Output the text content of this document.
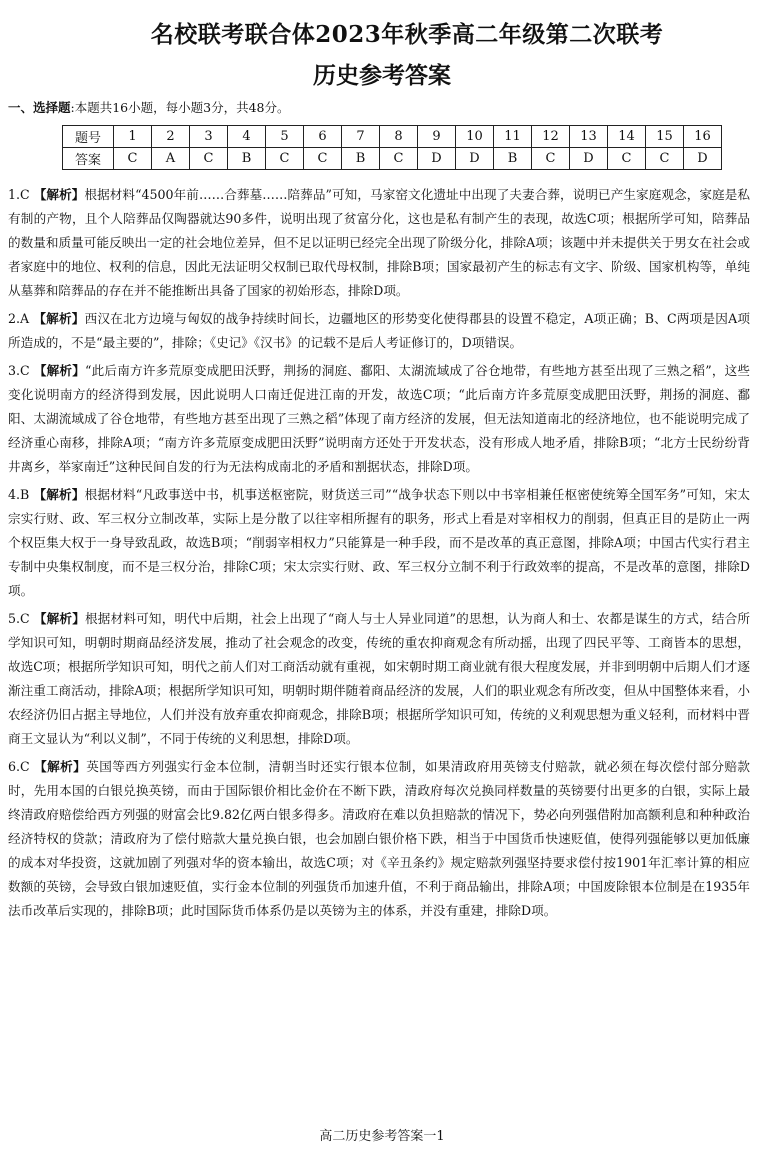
名校联考联合体2023年秋季高二年级第二次联考
历史参考答案
一、选择题:本题共16小题，每小题3分，共48分。
题号	1	2	3	4	5	6	7	8	9	10	11	12	13	14	15	16
答案	C	A	C	B	C	C	B	C	D	D	B	C	D	C	C	D
1.C 【解析】根据材料“4500年前……合葬墓……陪葬品”可知，马家窑文化遗址中出现了夫妻合葬，说明已产生家庭观念，家庭是私有制的产物，且个人陪葬品仅陶器就达90多件，说明出现了贫富分化，这也是私有制产生的表现，故选C项；根据所学可知，陪葬品的数量和质量可能反映出一定的社会地位差异，但不足以证明已经完全出现了阶级分化，排除A项；该题中并未提供关于男女在社会或者家庭中的地位、权利的信息，因此无法证明父权制已取代母权制，排除B项；国家最初产生的标志有文字、阶级、国家机构等，单纯从墓葬和陪葬品的存在并不能推断出具备了国家的初始形态，排除D项。
2.A 【解析】西汉在北方边境与匈奴的战争持续时间长，边疆地区的形势变化使得郡县的设置不稳定，A项正确；B、C两项是因A项所造成的，不是“最主要的”，排除；《史记》《汉书》的记载不是后人考证修订的，D项错误。
3.C 【解析】“此后南方许多荒原变成肥田沃野，荆扬的洞庭、鄱阳、太湖流域成了谷仓地带，有些地方甚至出现了三熟之稻”，这些变化说明南方的经济得到发展，因此说明人口南迁促进江南的开发，故选C项；“此后南方许多荒原变成肥田沃野，荆扬的洞庭、鄱阳、太湖流域成了谷仓地带，有些地方甚至出现了三熟之稻”体现了南方经济的发展，但无法知道南北的经济地位，也不能说明完成了经济重心南移，排除A项；“南方许多荒原变成肥田沃野”说明南方还处于开发状态，没有形成人地矛盾，排除B项；“北方士民纷纷背井离乡，举家南迁”这种民间自发的行为无法构成南北的矛盾和割据状态，排除D项。
4.B 【解析】根据材料“凡政事送中书，机事送枢密院，财货送三司”“战争状态下则以中书宰相兼任枢密使统筹全国军务”可知，宋太宗实行财、政、军三权分立制改革，实际上是分散了以往宰相所握有的职务，形式上看是对宰相权力的削弱，但真正目的是防止一两个权臣集大权于一身导致乱政，故选B项；“削弱宰相权力”只能算是一种手段，而不是改革的真正意图，排除A项；中国古代实行君主专制中央集权制度，而不是三权分治，排除C项；宋太宗实行财、政、军三权分立制不利于行政效率的提高，不是改革的意图，排除D项。
5.C 【解析】根据材料可知，明代中后期，社会上出现了“商人与士人异业同道”的思想，认为商人和士、农都是谋生的方式，结合所学知识可知，明朝时期商品经济发展，推动了社会观念的改变，传统的重农抑商观念有所动摇，出现了四民平等、工商皆本的思想，故选C项；根据所学知识可知，明代之前人们对工商活动就有重视，如宋朝时期工商业就有很大程度发展，并非到明朝中后期人们才逐渐注重工商活动，排除A项；根据所学知识可知，明朝时期伴随着商品经济的发展，人们的职业观念有所改变，但从中国整体来看，小农经济仍旧占据主导地位，人们并没有放弃重农抑商观念，排除B项；根据所学知识可知，传统的义利观思想为重义轻利，而材料中晋商王文显认为“利以义制”，不同于传统的义利思想，排除D项。
6.C 【解析】英国等西方列强实行金本位制，清朝当时还实行银本位制，如果清政府用英镑支付赔款，就必须在每次偿付部分赔款时，先用本国的白银兑换英镑，而由于国际银价相比金价在不断下跌，清政府每次兑换同样数量的英镑要付出更多的白银，实际上最终清政府赔偿给西方列强的财富会比9.82亿两白银多得多。清政府在难以负担赔款的情况下，势必向列强借附加高额利息和种种政治经济特权的贷款；清政府为了偿付赔款大量兑换白银，也会加剧白银价格下跌，相当于中国货币快速贬值，使得列强能够以更加低廉的成本对华投资，这就加剧了列强对华的资本输出，故选C项；对《辛丑条约》规定赔款列强坚持要求偿付按1901年汇率计算的相应数额的英镑，会导致白银加速贬值，实行金本位制的列强货币加速升值，不利于商品输出，排除A项；中国废除银本位制是在1935年法币改革后实现的，排除B项；此时国际货币体系仍是以英镑为主的体系，并没有重建，排除D项。
高二历史参考答案一1
